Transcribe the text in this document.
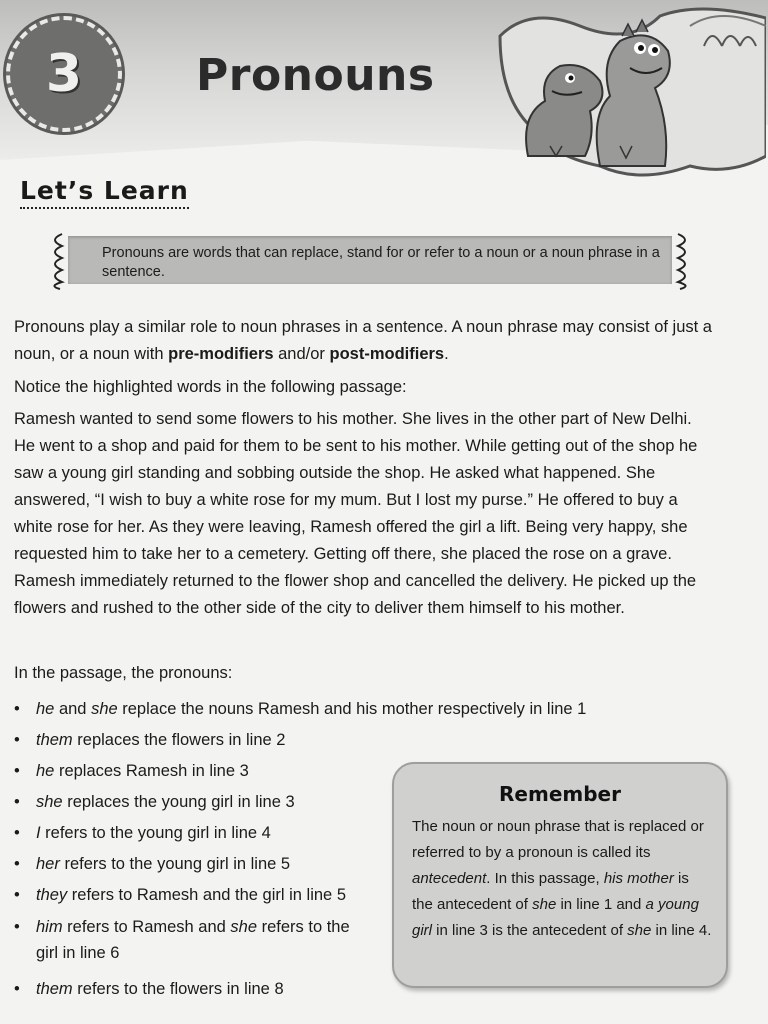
3	Pronouns
Let’s Learn

Pronouns are words that can replace, stand for or refer to a noun or a noun phrase in a sentence.

Pronouns play a similar role to noun phrases in a sentence. A noun phrase may consist of just a noun, or a noun with pre-modifiers and/or post-modifiers.

Notice the highlighted words in the following passage:

Ramesh wanted to send some flowers to his mother. She lives in the other part of New Delhi. He went to a shop and paid for them to be sent to his mother. While getting out of the shop he saw a young girl standing and sobbing outside the shop. He asked what happened. She answered, “I wish to buy a white rose for my mum. But I lost my purse.” He offered to buy a white rose for her. As they were leaving, Ramesh offered the girl a lift. Being very happy, she requested him to take her to a cemetery. Getting off there, she placed the rose on a grave. Ramesh immediately returned to the flower shop and cancelled the delivery. He picked up the flowers and rushed to the other side of the city to deliver them himself to his mother.

In the passage, the pronouns:

• he and she replace the nouns Ramesh and his mother respectively in line 1
• them replaces the flowers in line 2
• he replaces Ramesh in line 3
• she replaces the young girl in line 3
• I refers to the young girl in line 4
• her refers to the young girl in line 5
• they refers to Ramesh and the girl in line 5
• him refers to Ramesh and she refers to the girl in line 6
• them refers to the flowers in line 8
Remember

The noun or noun phrase that is replaced or referred to by a pronoun is called its antecedent. In this passage, his mother is the antecedent of she in line 1 and a young girl in line 3 is the antecedent of she in line 4.
